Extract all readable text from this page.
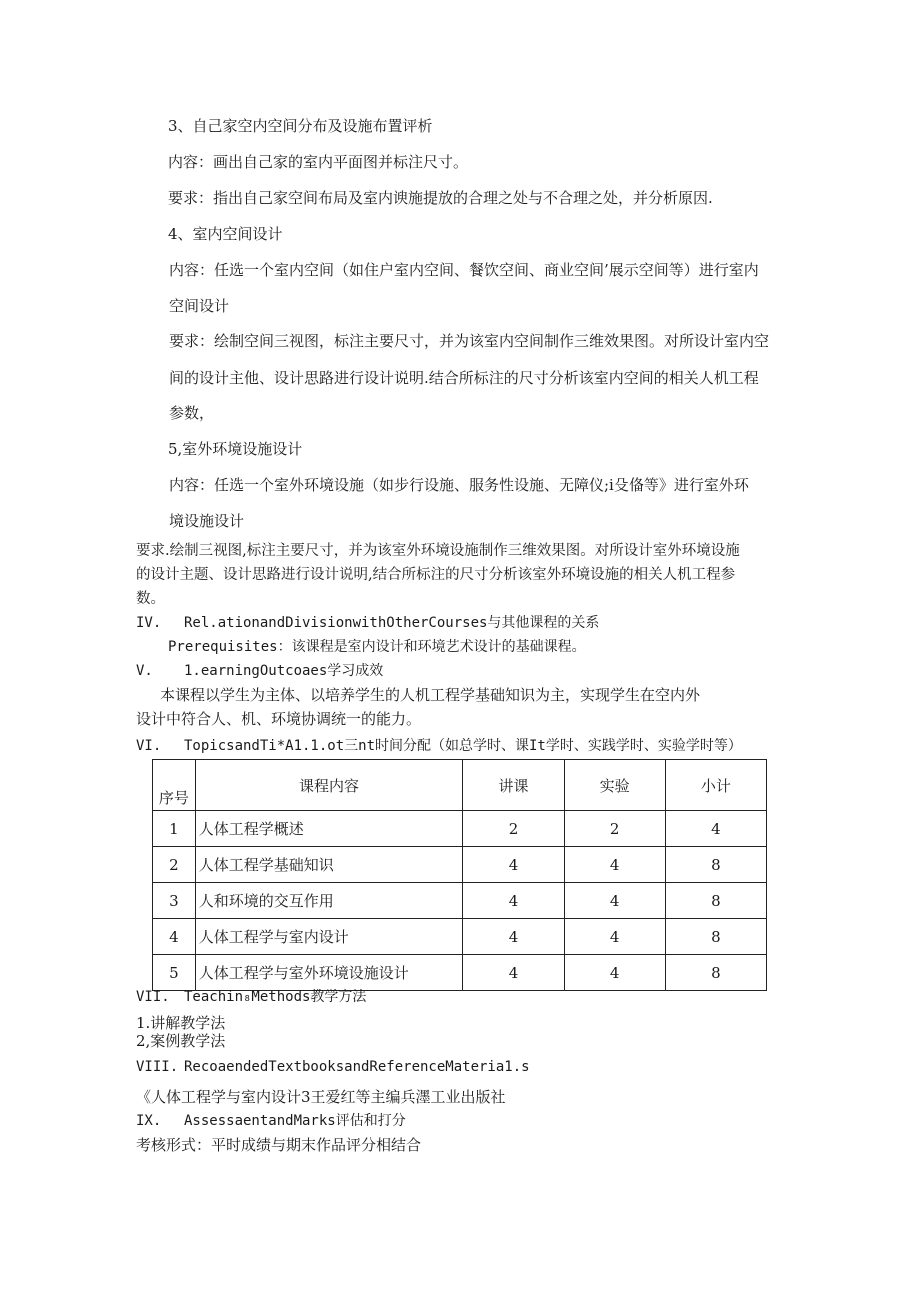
3、自己家空内空间分布及设施布置评析
内容：画出自己家的室内平面图并标注尺寸。
要求：指出自己家空间布局及室内谀施提放的合理之处与不合理之处，并分析原因.
4、室内空间设计
内容：任选一个室内空间（如住户室内空间、餐饮空间、商业空间’展示空间等）进行室内
空间设计
要求：绘制空间三视图，标注主要尺寸，并为该室内空间制作三维效果图。对所设计室内空
间的设计主他、设计思路进行设计说明.结合所标注的尺寸分析该室内空间的相关人机工程
参数，
5,室外环境设施设计
内容：任选一个室外环境设施（如步行设施、服务性设施、无障仪;i殳俻等》进行室外环
境设施设计
要求.绘制三视图,标注主要尺寸，并为该室外环境设施制作三维效果图。对所设计室外环境设施
的设计主题、设计思路进行设计说明,结合所标注的尺寸分析该室外环境设施的相关人机工程参
数。
IV. Rel.ationandDivisionwithOtherCourses与其他课程的关系
Prerequisites：该课程是室内设计和环境艺术设计的基础课程。
V. 1.earningOutcoaes学习成效
本课程以学生为主体、以培养学生的人机工程学基础知识为主，实现学生在空内外
设计中符合人、机、环境协调统一的能力。
VI. TopicsandTi*A1.1.ot三nt时间分配（如总学时、课It学时、实践学时、实验学时等）
序号	课程内容	讲课	实验	小计
1	人体工程学概述	2	2	4
2	人体工程学基础知识	4	4	8
3	人和环境的交互作用	4	4	8
4	人体工程学与室内设计	4	4	8
5	人体工程学与室外环境设施设计	4	4	8
VII. Teachin₈Methods教学方法
1.讲解教学法
2,案例教学法
VIII. RecoaendedTextbooksandReferenceMateria1.s
《人体工程学与室内设计3王爱红等主编兵濹工业出版社
IX. AssessaentandMarks评估和打分
考核形式：平时成绩与期末作品评分相结合
